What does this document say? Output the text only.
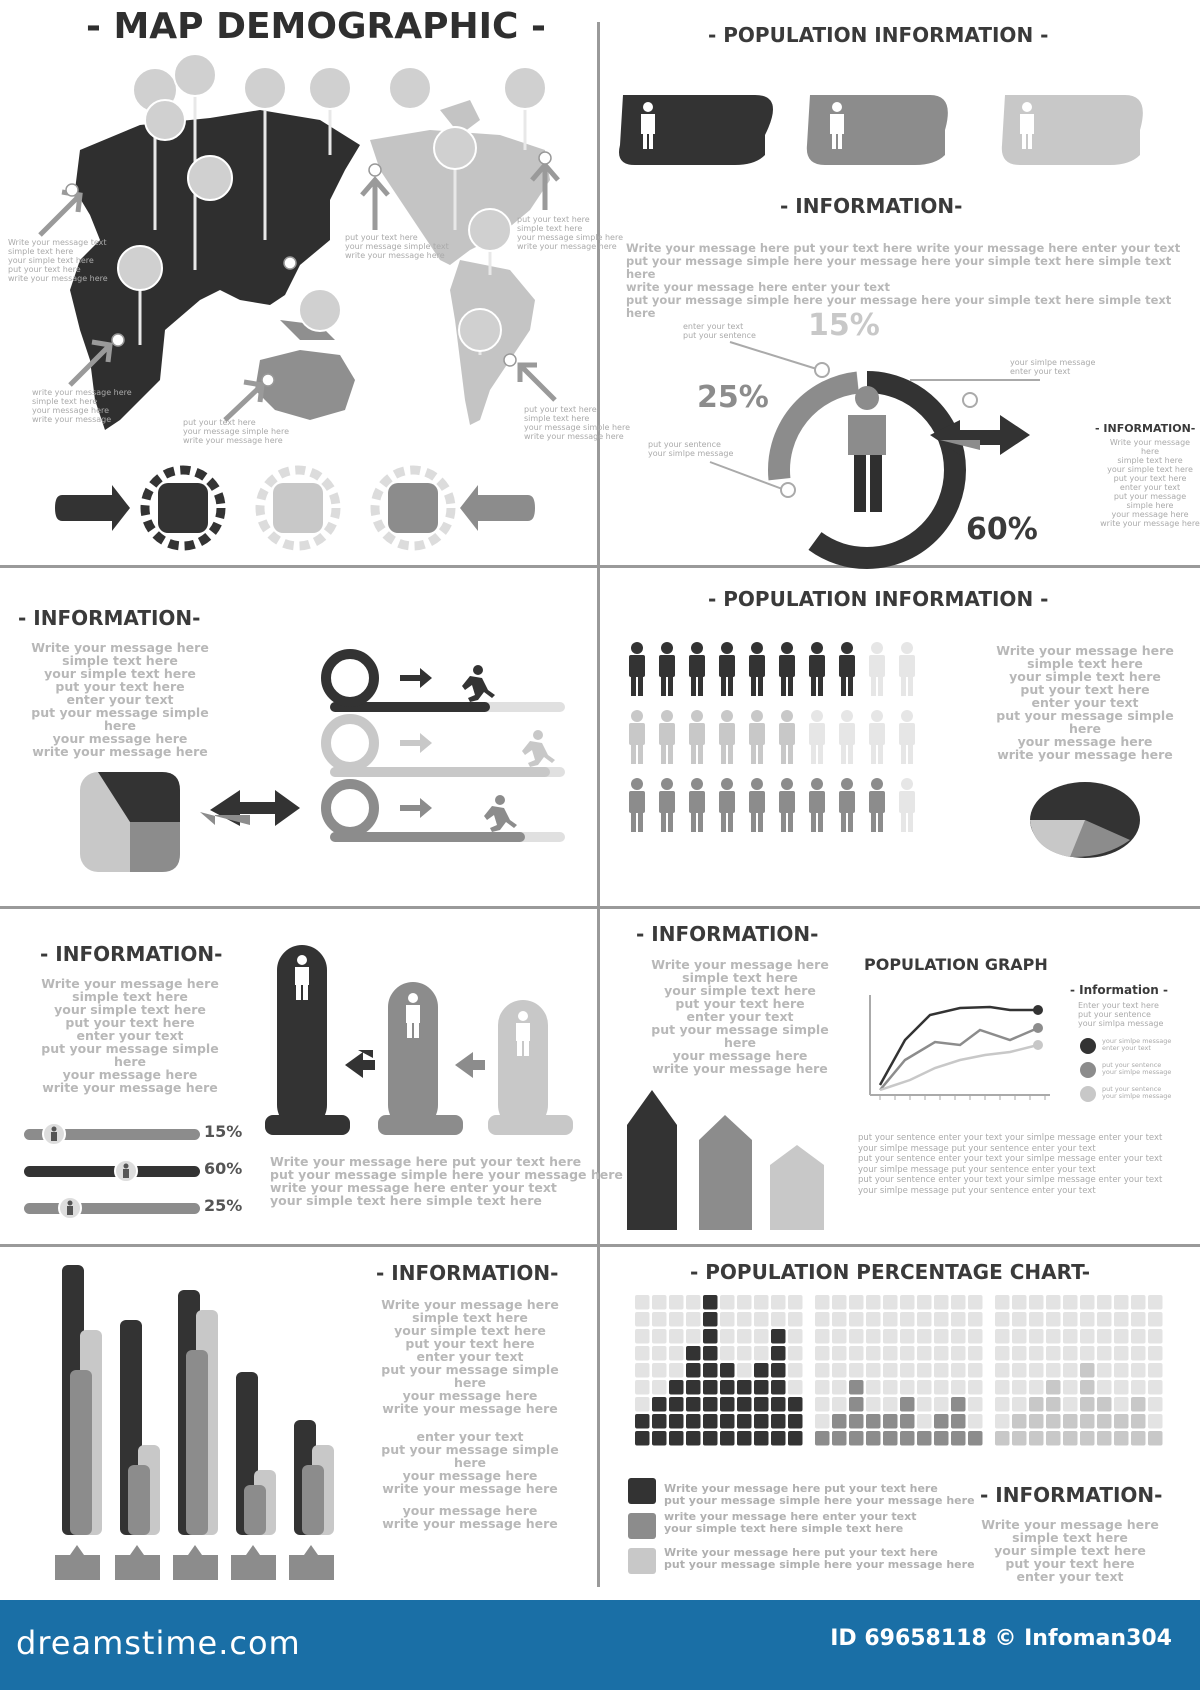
- MAP DEMOGRAPHIC -
Write your message text
simple text here
your simple text here
put your text here
write your message here
put your text here
your message simple text
write your message here
put your text here
simple text here
your message simple here
write your message here
write your message here
simple text here
your message here
write your message	put your text here
your message simple here
write your message here
put your text here
simple text here
your message simple here
write your message here
- POPULATION INFORMATION -
- INFORMATION-
Write your message here put your text here write your message here enter your text
put your message simple here your message here your simple text here simple text here
write your message here enter your text
put your message simple here your message here your simple text here simple text here
enter your text
put your sentence
put your sentence
your simlpe message
your simlpe message
enter your text
15%
25%
60%
- INFORMATION-
Write your message here
simple text here
your simple text here
put your text here
enter your text
put your message simple here
your message here
write your message here
- INFORMATION-
Write your message here
simple text here
your simple text here
put your text here
enter your text
put your message simple here
your message here
write your message here
- POPULATION INFORMATION -
Write your message here
simple text here
your simple text here
put your text here
enter your text
put your message simple here
your message here
write your message here
- INFORMATION-
Write your message here
simple text here
your simple text here
put your text here
enter your text
put your message simple here
your message here
write your message here
15%
60%
25%
Write your message here put your text here
put your message simple here your message here
write your message here enter your text
your simple text here simple text here
- INFORMATION-
Write your message here
simple text here
your simple text here
put your text here
enter your text
put your message simple here
your message here
write your message here
POPULATION GRAPH
- Information -
Enter your text here
put your sentence
your simlpa message
your simlpe message
enter your text
put your sentence
your simlpe message
put your sentence
your simlpe message
put your sentence enter your text your simlpe message enter your text
your simlpe message put your sentence enter your text
put your sentence enter your text your simlpe message enter your text
your simlpe message put your sentence enter your text
put your sentence enter your text your simlpe message enter your text
your simlpe message put your sentence enter your text
- INFORMATION-
Write your message here
simple text here
your simple text here
put your text here
enter your text
put your message simple here
your message here
write your message here
enter your text
put your message simple here
your message here
write your message here
your message here
write your message here
- POPULATION PERCENTAGE CHART-
Write your message here put your text here
put your message simple here your message here
write your message here enter your text
your simple text here simple text here
Write your message here put your text here
put your message simple here your message here
- INFORMATION-
Write your message here
simple text here
your simple text here
put your text here
enter your text
dreamstime.com	ID 69658118 © Infoman304
